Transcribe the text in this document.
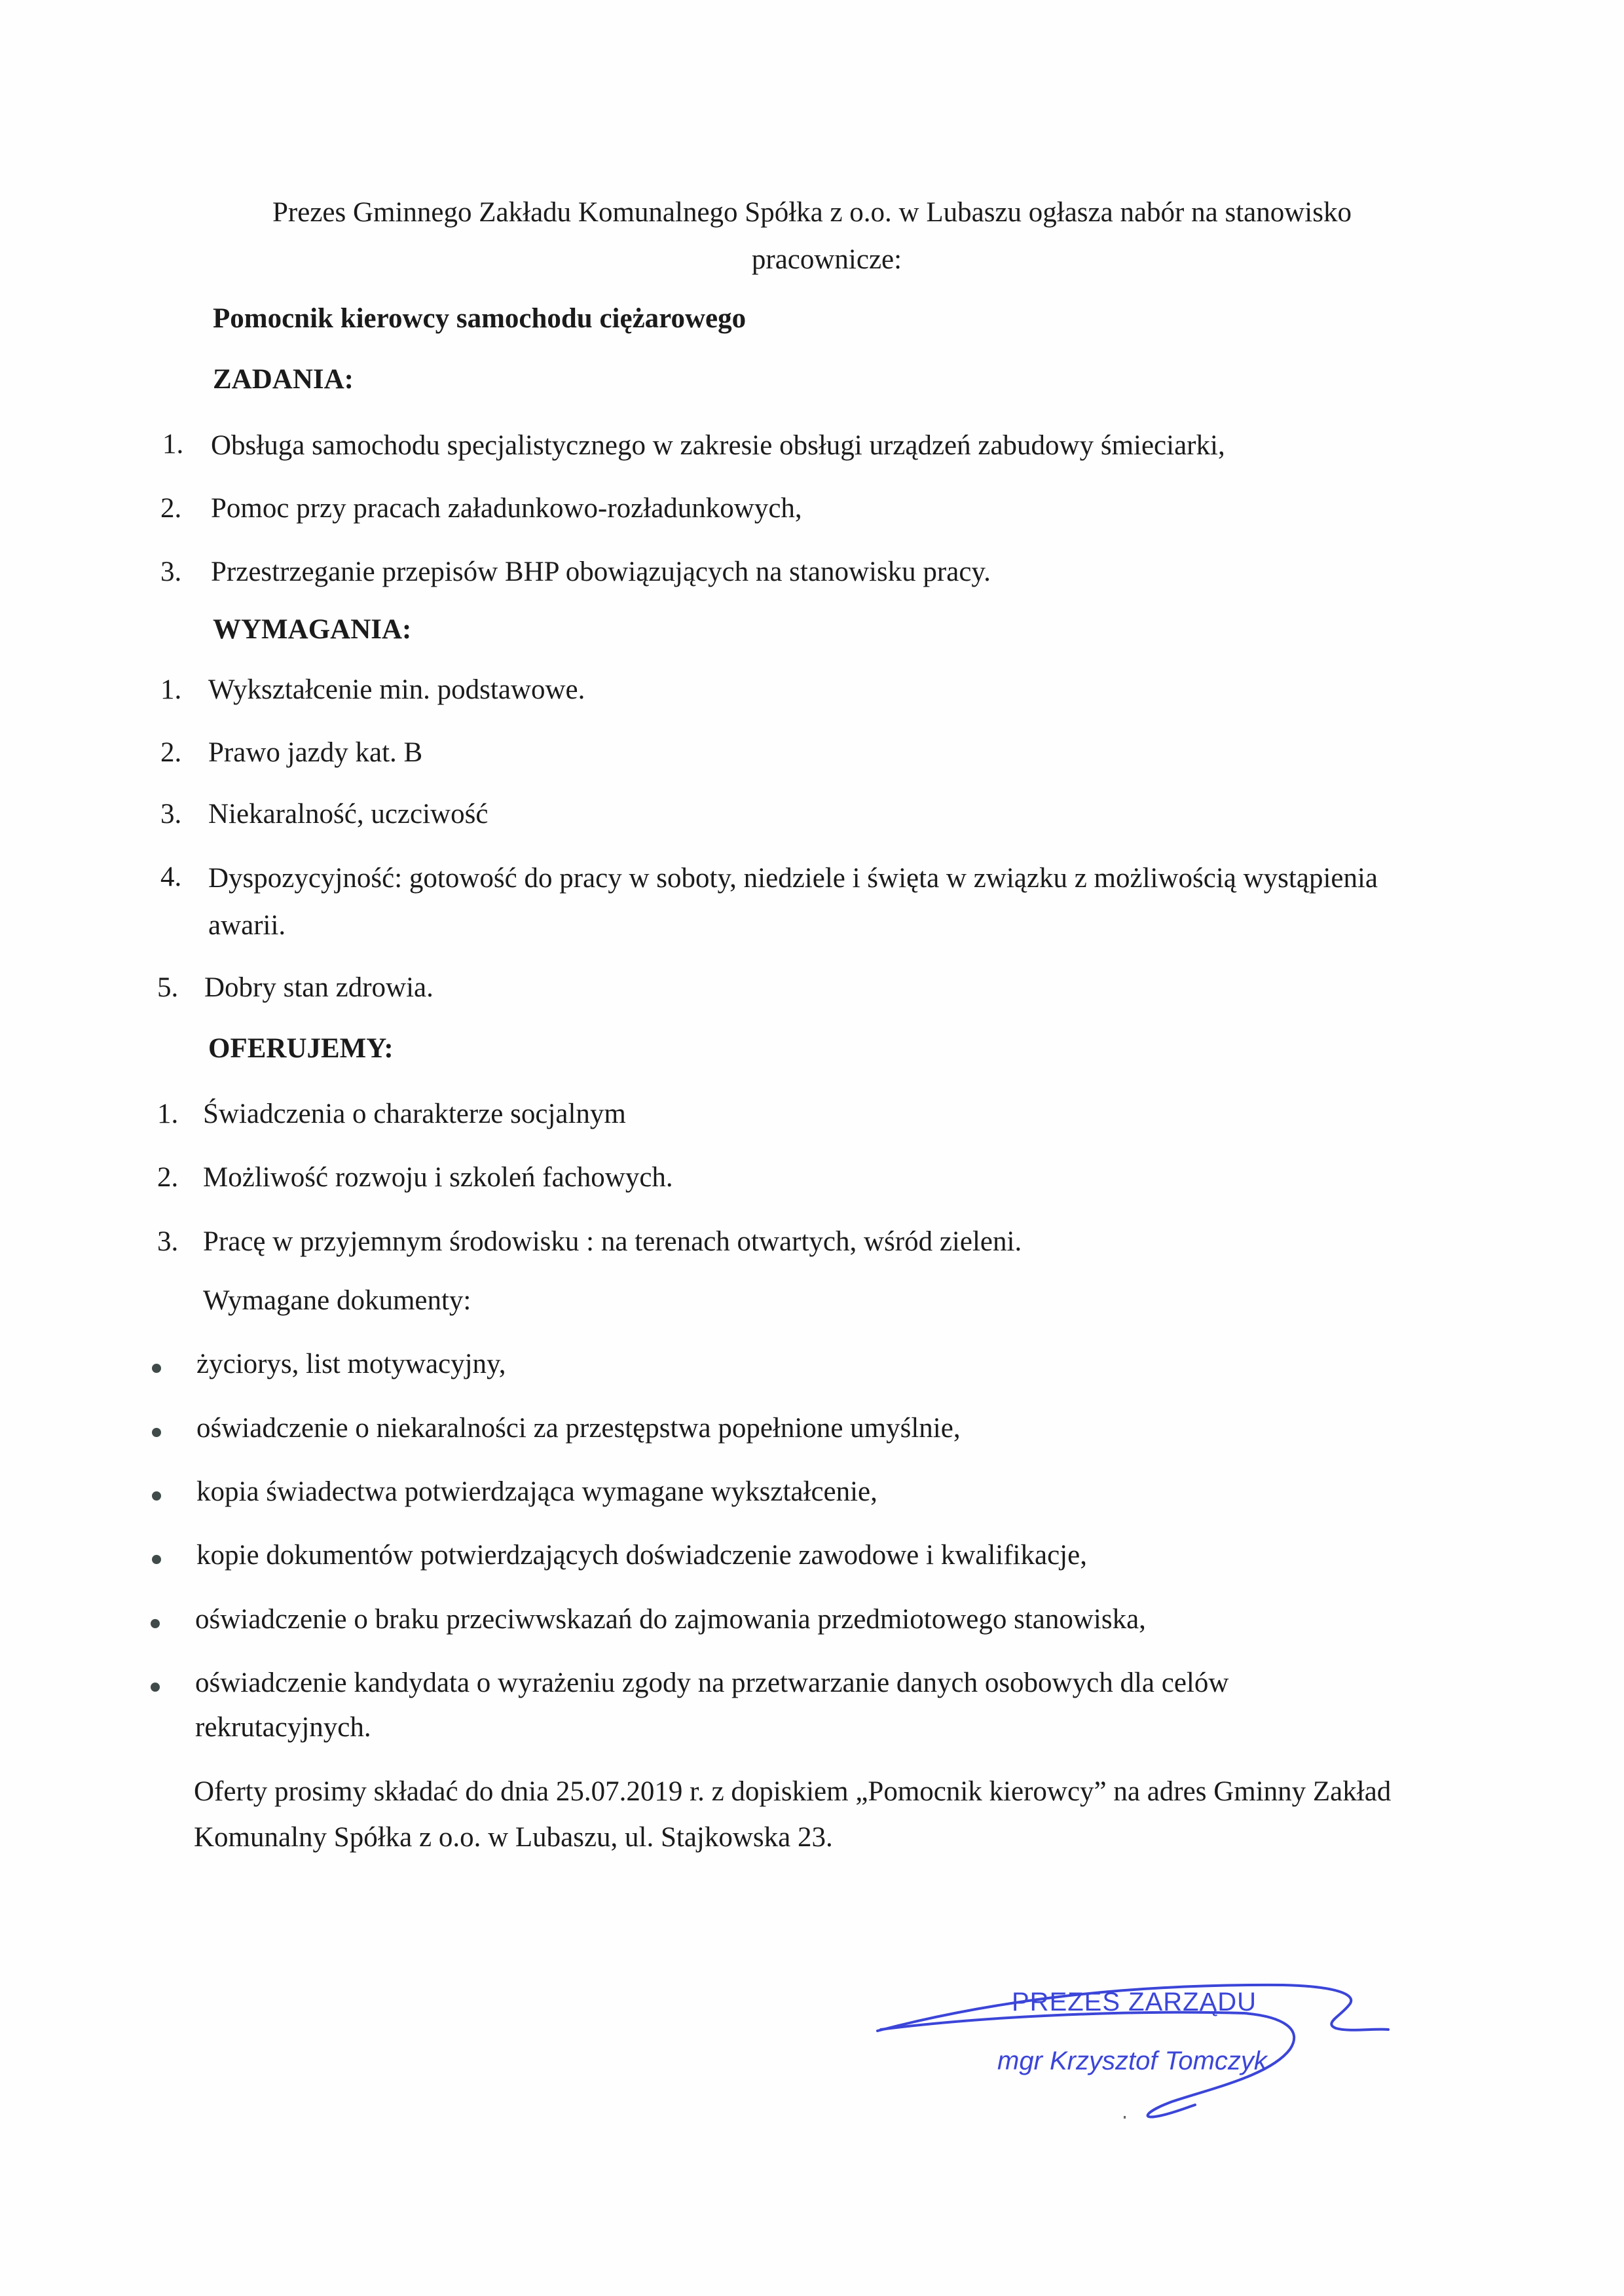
Prezes Gminnego Zakładu Komunalnego Spółka z o.o. w Lubaszu ogłasza nabór na stanowisko
pracownicze:
Pomocnik kierowcy samochodu ciężarowego
ZADANIA:
1. Obsługa samochodu specjalistycznego w zakresie obsługi urządzeń zabudowy śmieciarki,
2. Pomoc przy pracach załadunkowo-rozładunkowych,
3. Przestrzeganie przepisów BHP obowiązujących na stanowisku pracy.
WYMAGANIA:
1. Wykształcenie min. podstawowe.
2. Prawo jazdy kat. B
3. Niekaralność, uczciwość
4. Dyspozycyjność: gotowość do pracy w soboty, niedziele i święta w związku z możliwością wystąpienia
awarii.
5. Dobry stan zdrowia.
OFERUJEMY:
1. Świadczenia o charakterze socjalnym
2. Możliwość rozwoju i szkoleń fachowych.
3. Pracę w przyjemnym środowisku : na terenach otwartych, wśród zieleni.
Wymagane dokumenty:
życiorys, list motywacyjny,
oświadczenie o niekaralności za przestępstwa popełnione umyślnie,
kopia świadectwa potwierdzająca wymagane wykształcenie,
kopie dokumentów potwierdzających doświadczenie zawodowe i kwalifikacje,
oświadczenie o braku przeciwwskazań do zajmowania przedmiotowego stanowiska,
oświadczenie kandydata o wyrażeniu zgody na przetwarzanie danych osobowych dla celów
rekrutacyjnych.
Oferty prosimy składać do dnia 25.07.2019 r. z dopiskiem „Pomocnik kierowcy” na adres Gminny Zakład
Komunalny Spółka z o.o. w Lubaszu, ul. Stajkowska 23.
PREZES ZARZĄDU
mgr Krzysztof Tomczyk
